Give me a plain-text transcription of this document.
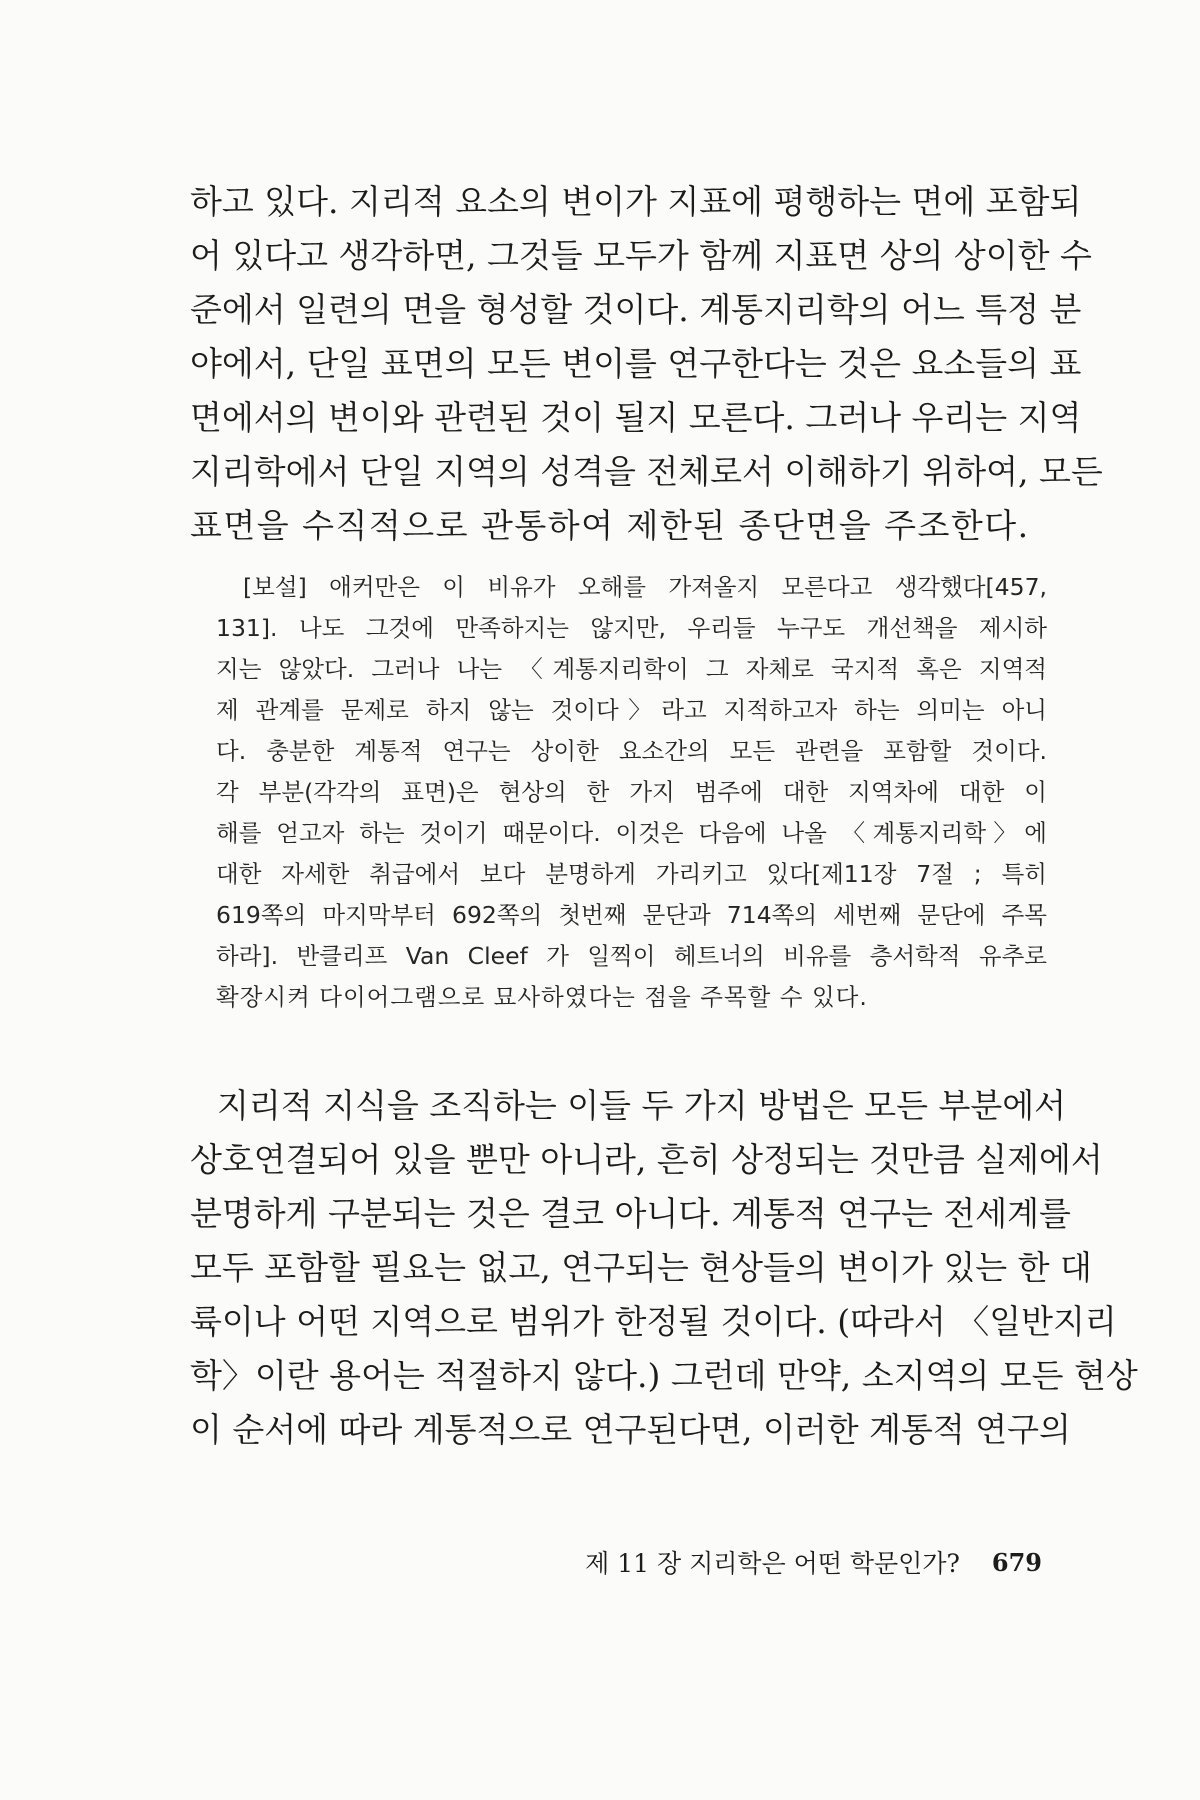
하고 있다. 지리적 요소의 변이가 지표에 평행하는 면에 포함되

어 있다고 생각하면, 그것들 모두가 함께 지표면 상의 상이한 수

준에서 일련의 면을 형성할 것이다. 계통지리학의 어느 특정 분

야에서, 단일 표면의 모든 변이를 연구한다는 것은 요소들의 표

면에서의 변이와 관련된 것이 될지 모른다. 그러나 우리는 지역

지리학에서 단일 지역의 성격을 전체로서 이해하기 위하여, 모든

표면을 수직적으로 관통하여 제한된 종단면을 주조한다.

[보설] 애커만은 이 비유가 오해를 가져올지 모른다고 생각했다[457,

131]. 나도 그것에 만족하지는 않지만, 우리들 누구도 개선책을 제시하

지는 않았다. 그러나 나는 〈계통지리학이 그 자체로 국지적 혹은 지역적

제 관계를 문제로 하지 않는 것이다〉라고 지적하고자 하는 의미는 아니

다. 충분한 계통적 연구는 상이한 요소간의 모든 관련을 포함할 것이다.

각 부분(각각의 표면)은 현상의 한 가지 범주에 대한 지역차에 대한 이

해를 얻고자 하는 것이기 때문이다. 이것은 다음에 나올 〈계통지리학〉에

대한 자세한 취급에서 보다 분명하게 가리키고 있다[제11장 7절 ; 특히

619쪽의 마지막부터 692쪽의 첫번째 문단과 714쪽의 세번째 문단에 주목

하라]. 반클리프 Van Cleef 가 일찍이 헤트너의 비유를 층서학적 유추로

확장시켜 다이어그램으로 묘사하였다는 점을 주목할 수 있다.

지리적 지식을 조직하는 이들 두 가지 방법은 모든 부분에서

상호연결되어 있을 뿐만 아니라, 흔히 상정되는 것만큼 실제에서

분명하게 구분되는 것은 결코 아니다. 계통적 연구는 전세계를

모두 포함할 필요는 없고, 연구되는 현상들의 변이가 있는 한 대

륙이나 어떤 지역으로 범위가 한정될 것이다. (따라서 〈일반지리

학〉이란 용어는 적절하지 않다.) 그런데 만약, 소지역의 모든 현상

이 순서에 따라 계통적으로 연구된다면, 이러한 계통적 연구의

제 11 장 지리학은 어떤 학문인가? 679
